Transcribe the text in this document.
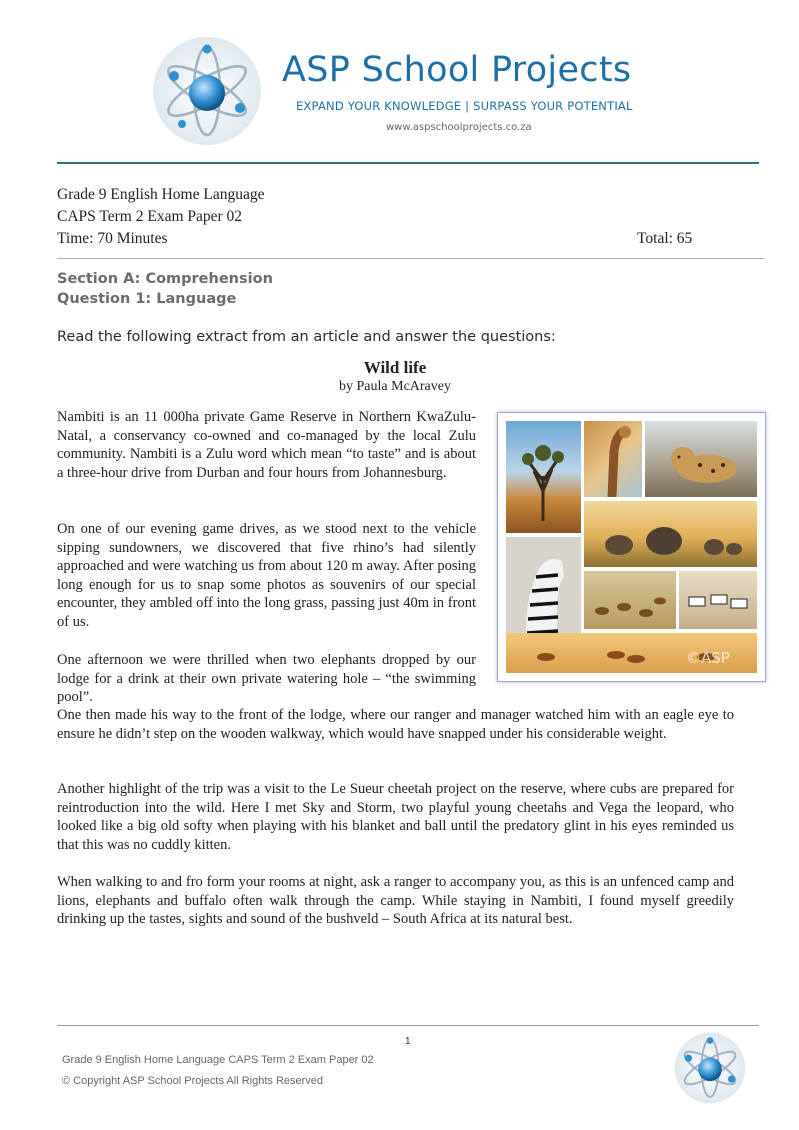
ASP School Projects
EXPAND YOUR KNOWLEDGE | SURPASS YOUR POTENTIAL
www.aspschoolprojects.co.za
Grade 9 English Home Language
CAPS Term 2 Exam Paper 02
Time: 70 Minutes	Total: 65
Section A: Comprehension
Question 1: Language
Read the following extract from an article and answer the questions:
Wild life
by Paula McAravey

Nambiti is an 11 000ha private Game Reserve in Northern KwaZulu-Natal, a conservancy co-owned and co-managed by the local Zulu community. Nambiti is a Zulu word which mean “to taste” and is about a three-hour drive from Durban and four hours from Johannesburg.

On one of our evening game drives, as we stood next to the vehicle sipping sundowners, we discovered that five rhino’s had silently approached and were watching us from about 120 m away. After posing long enough for us to snap some photos as souvenirs of our special encounter, they ambled off into the long grass, passing just 40m in front of us.

One afternoon we were thrilled when two elephants dropped by our lodge for a drink at their own private watering hole – “the swimming pool”.

One then made his way to the front of the lodge, where our ranger and manager watched him with an eagle eye to ensure he didn’t step on the wooden walkway, which would have snapped under his considerable weight.

Another highlight of the trip was a visit to the Le Sueur cheetah project on the reserve, where cubs are prepared for reintroduction into the wild. Here I met Sky and Storm, two playful young cheetahs and Vega the leopard, who looked like a big old softy when playing with his blanket and ball until the predatory glint in his eyes reminded us that this was no cuddly kitten.

When walking to and fro form your rooms at night, ask a ranger to accompany you, as this is an unfenced camp and lions, elephants and buffalo often walk through the camp. While staying in Nambiti, I found myself greedily drinking up the tastes, sights and sound of the bushveld – South Africa at its natural best.

©ASP
1
Grade 9 English Home Language CAPS Term 2 Exam Paper 02
© Copyright ASP School Projects All Rights Reserved
